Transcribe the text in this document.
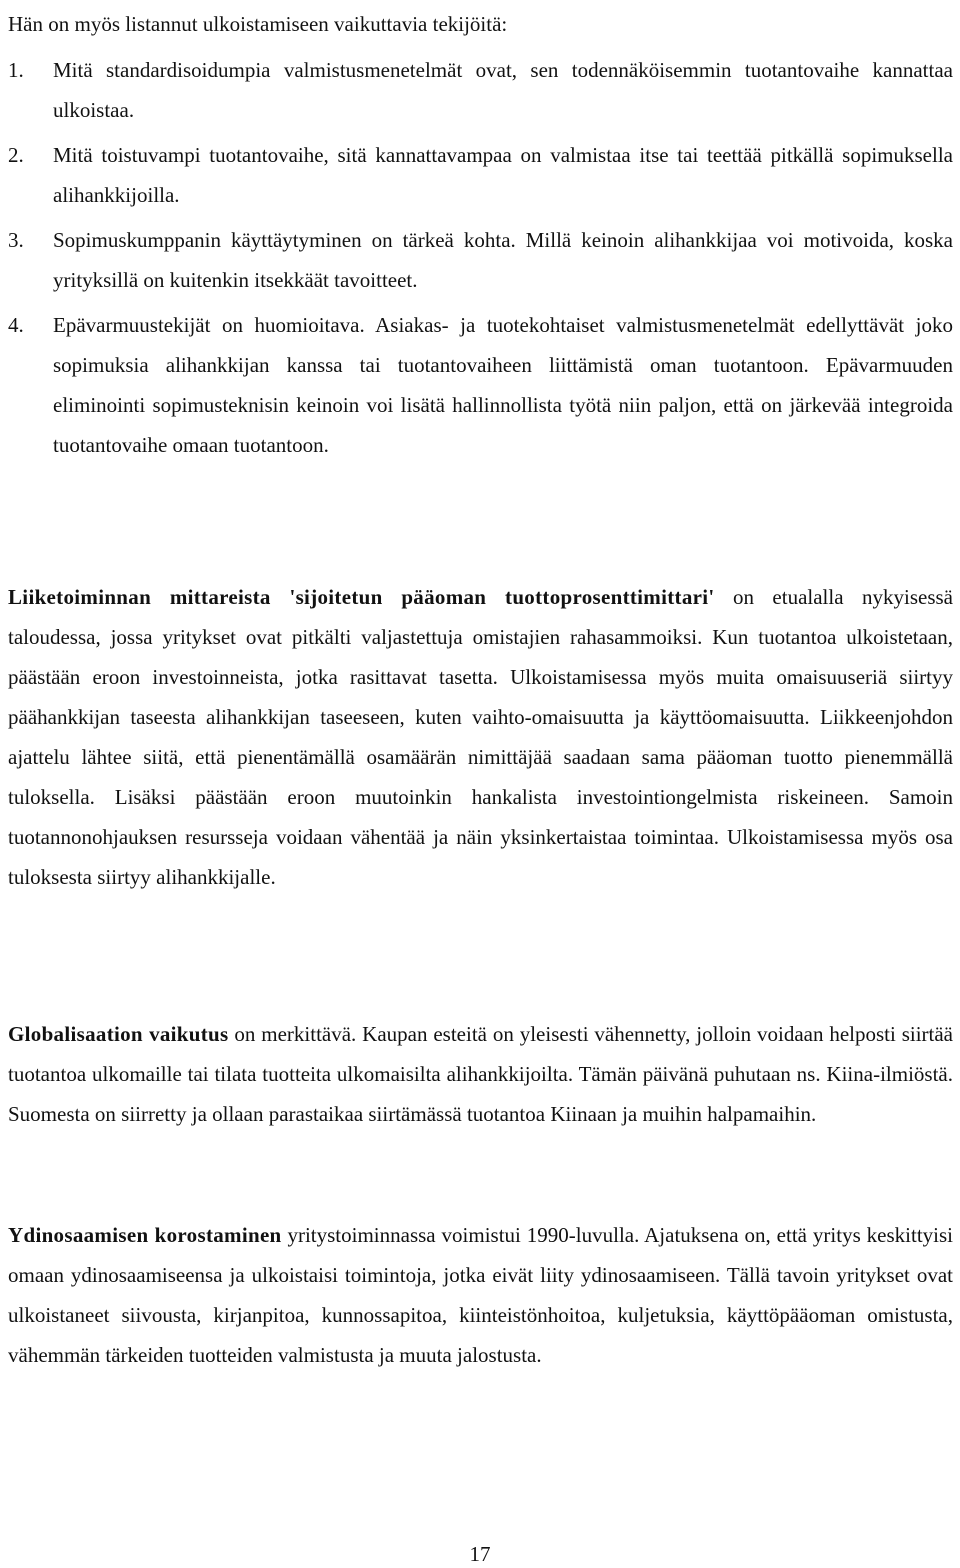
Hän on myös listannut ulkoistamiseen vaikuttavia tekijöitä:
1.	Mitä standardisoidumpia valmistusmenetelmät ovat, sen todennäköisemmin tuotantovaihe kannattaa ulkoistaa.
2.	Mitä toistuvampi tuotantovaihe, sitä kannattavampaa on valmistaa itse tai teettää pitkällä sopimuksella alihankkijoilla.
3.	Sopimuskumppanin käyttäytyminen on tärkeä kohta. Millä keinoin alihankkijaa voi motivoida, koska yrityksillä on kuitenkin itsekkäät tavoitteet.
4.	Epävarmuustekijät on huomioitava. Asiakas- ja tuotekohtaiset valmistusmenetelmät edellyttävät joko sopimuksia alihankkijan kanssa tai tuotantovaiheen liittämistä oman tuotantoon. Epävarmuuden eliminointi sopimusteknisin keinoin voi lisätä hallinnollista työtä niin paljon, että on järkevää integroida tuotantovaihe omaan tuotantoon.

Liiketoiminnan mittareista 'sijoitetun pääoman tuottoprosenttimittari' on etualalla nykyisessä taloudessa, jossa yritykset ovat pitkälti valjastettuja omistajien rahasammoiksi. Kun tuotantoa ulkoistetaan, päästään eroon investoinneista, jotka rasittavat tasetta. Ulkoistamisessa myös muita omaisuuseriä siirtyy päähankkijan taseesta alihankkijan taseeseen, kuten vaihto-omaisuutta ja käyttöomaisuutta. Liikkeenjohdon ajattelu lähtee siitä, että pienentämällä osamäärän nimittäjää saadaan sama pääoman tuotto pienemmällä tuloksella. Lisäksi päästään eroon muutoinkin hankalista investointiongelmista riskeineen. Samoin tuotannonohjauksen resursseja voidaan vähentää ja näin yksinkertaistaa toimintaa. Ulkoistamisessa myös osa tuloksesta siirtyy alihankkijalle.

Globalisaation vaikutus on merkittävä. Kaupan esteitä on yleisesti vähennetty, jolloin voidaan helposti siirtää tuotantoa ulkomaille tai tilata tuotteita ulkomaisilta alihankkijoilta. Tämän päivänä puhutaan ns. Kiina-ilmiöstä. Suomesta on siirretty ja ollaan parastaikaa siirtämässä tuotantoa Kiinaan ja muihin halpamaihin.

Ydinosaamisen korostaminen yritystoiminnassa voimistui 1990-luvulla. Ajatuksena on, että yritys keskittyisi omaan ydinosaamiseensa ja ulkoistaisi toimintoja, jotka eivät liity ydinosaamiseen. Tällä tavoin yritykset ovat ulkoistaneet siivousta, kirjanpitoa, kunnossapitoa, kiinteistönhoitoa, kuljetuksia, käyttöpääoman omistusta, vähemmän tärkeiden tuotteiden valmistusta ja muuta jalostusta.

17
